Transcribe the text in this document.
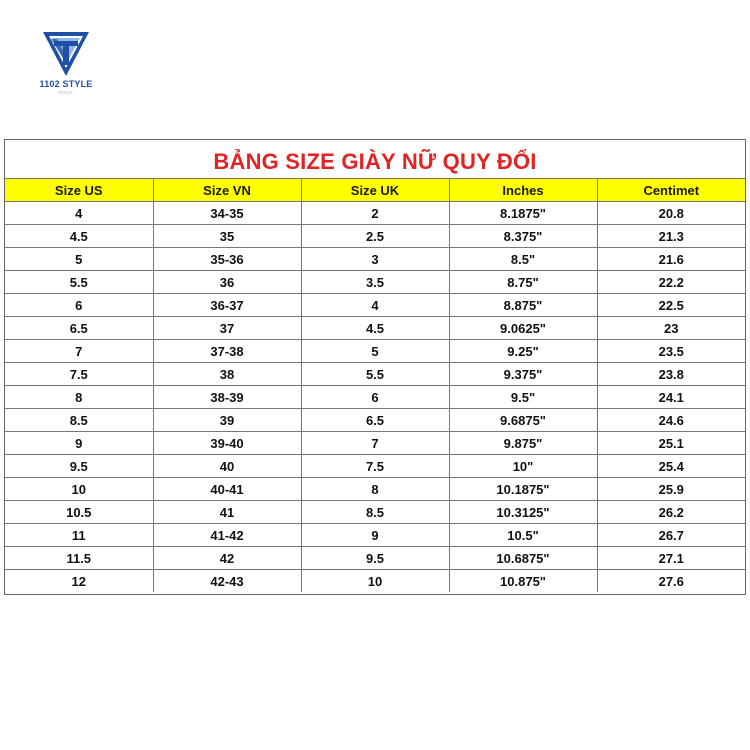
1102 STYLE
SHOP
BẢNG SIZE GIÀY NỮ QUY ĐỔI
Size US	Size VN	Size UK	Inches	Centimet
4	34-35	2	8.1875"	20.8
4.5	35	2.5	8.375"	21.3
5	35-36	3	8.5"	21.6
5.5	36	3.5	8.75"	22.2
6	36-37	4	8.875"	22.5
6.5	37	4.5	9.0625"	23
7	37-38	5	9.25"	23.5
7.5	38	5.5	9.375"	23.8
8	38-39	6	9.5"	24.1
8.5	39	6.5	9.6875"	24.6
9	39-40	7	9.875"	25.1
9.5	40	7.5	10"	25.4
10	40-41	8	10.1875"	25.9
10.5	41	8.5	10.3125"	26.2
11	41-42	9	10.5"	26.7
11.5	42	9.5	10.6875"	27.1
12	42-43	10	10.875"	27.6
